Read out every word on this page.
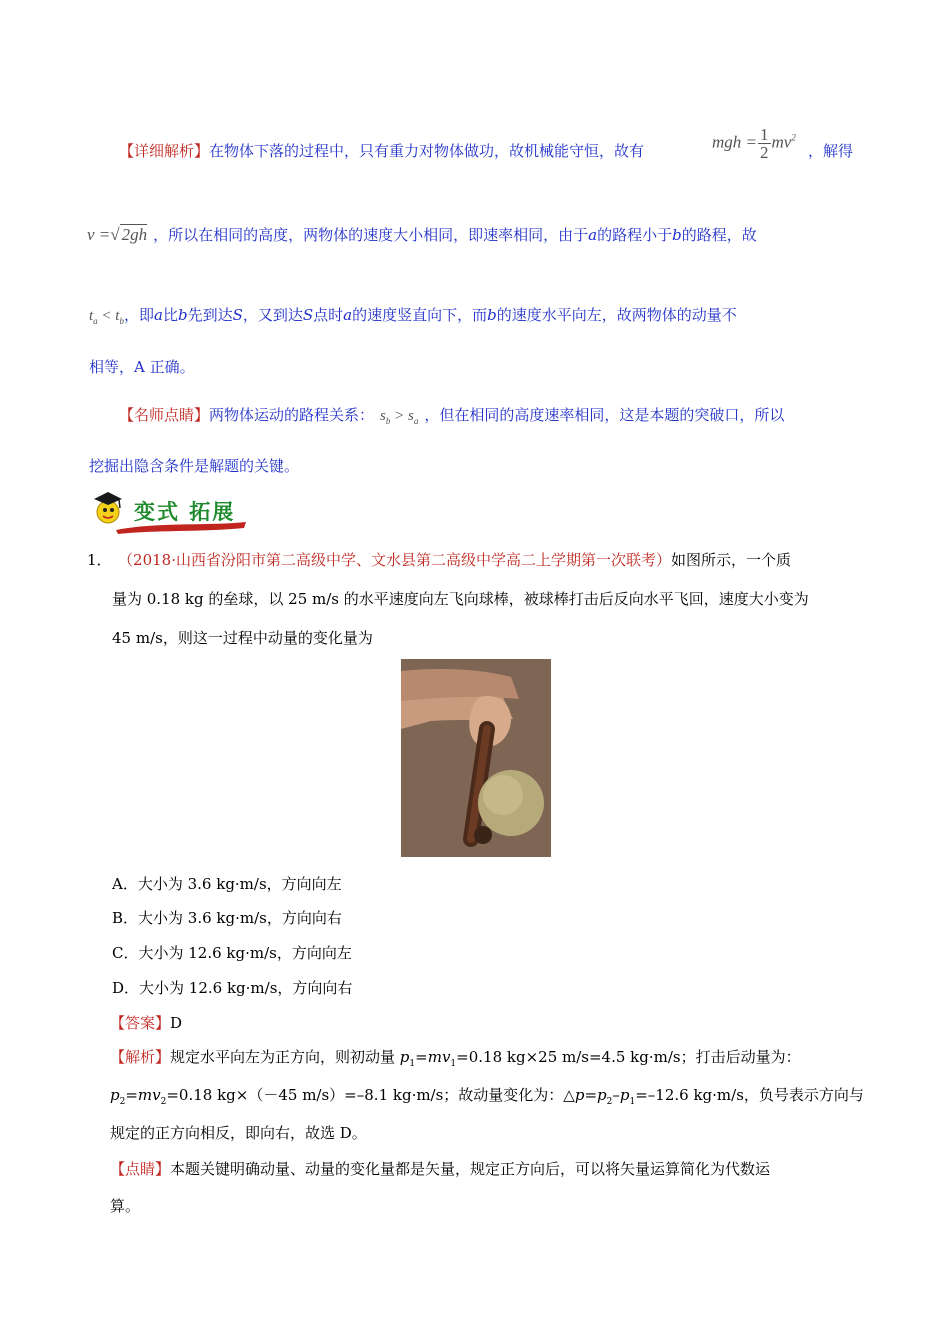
【详细解析】在物体下落的过程中，只有重力对物体做功，故机械能守恒，故有	mgh = $\frac{1}{2} mv^2$
，解得
v =√ 2gh ，所以在相同的高度，两物体的速度大小相同，即速率相同，由于a的路程小于b的路程，故
$t_a < t_b$，即a比b先到达S，又到达S点时a的速度竖直向下，而b的速度水平向左，故两物体的动量不
相等，A 正确。
【名师点睛】两物体运动的路程关系： $s_b > s_a$ ，但在相同的高度速率相同，这是本题的突破口，所以
挖掘出隐含条件是解题的关键。
变式 拓展
1． （2018·山西省汾阳市第二高级中学、文水县第二高级中学高二上学期第一次联考）如图所示，一个质
量为 0.18 kg 的垒球，以 25 m/s 的水平速度向左飞向球棒，被球棒打击后反向水平飞回，速度大小变为
45 m/s，则这一过程中动量的变化量为
A．大小为 3.6 kg·m/s，方向向左
B．大小为 3.6 kg·m/s，方向向右
C．大小为 12.6 kg·m/s，方向向左
D．大小为 12.6 kg·m/s，方向向右
【答案】D
【解析】规定水平向左为正方向，则初动量 $p_1=mv_1=0.18$ kg×25 m/s=4.5 kg·m/s；打击后动量为：
$p_2=mv_2=0.18$ kg×（－45 m/s）=–8.1 kg·m/s；故动量变化为：$\triangle p=p_2-p_1=-12.6$ kg·m/s，负号表示方向与
规定的正方向相反，即向右，故选 D。
【点睛】本题关键明确动量、动量的变化量都是矢量，规定正方向后，可以将矢量运算简化为代数运
算。
